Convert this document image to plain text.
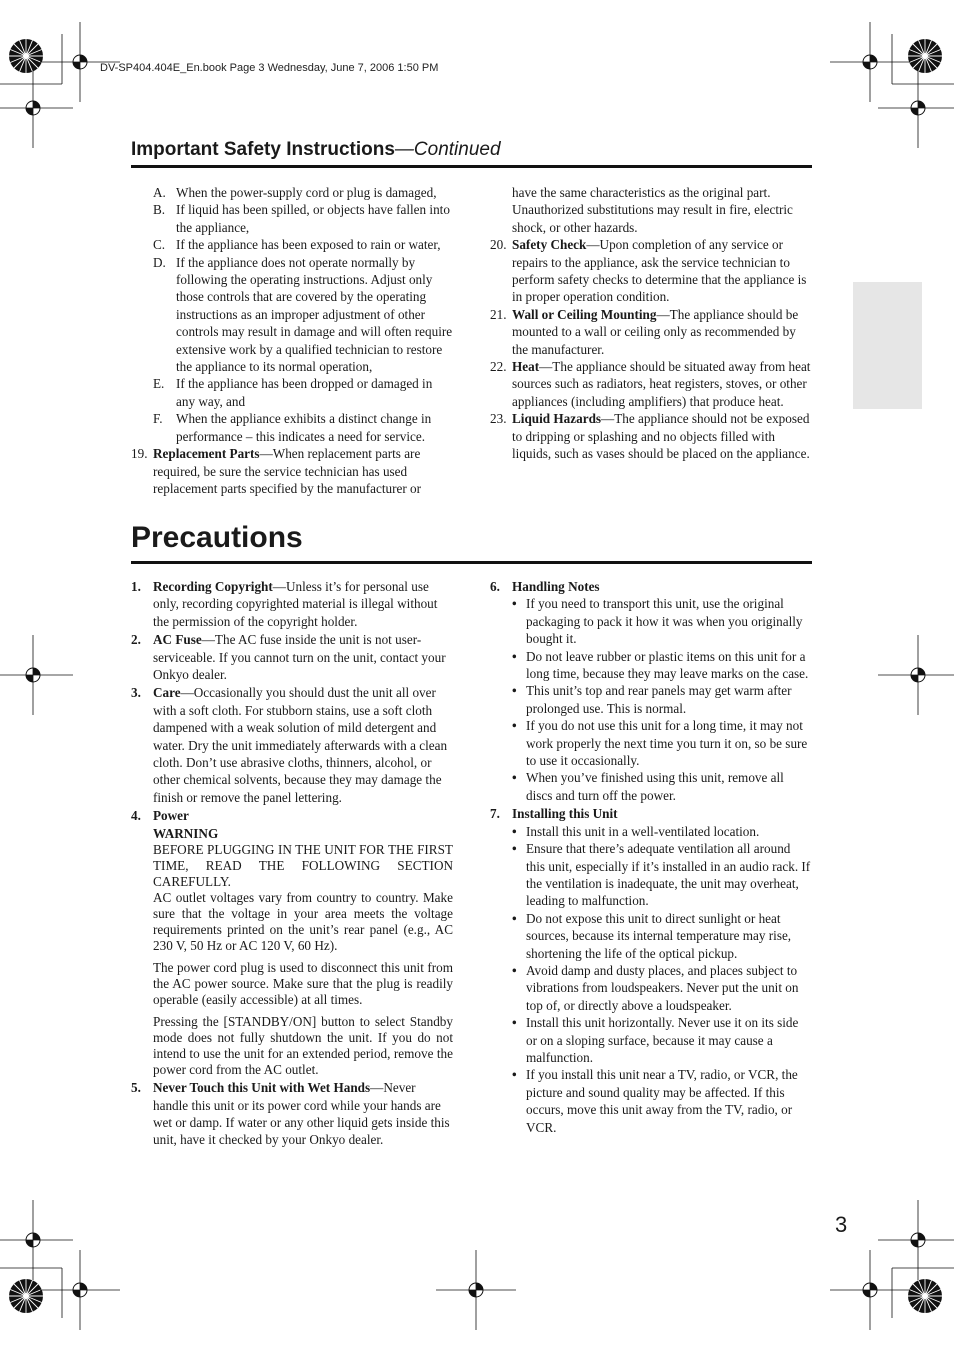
DV-SP404.404E_En.book Page 3 Wednesday, June 7, 2006 1:50 PM
Important Safety Instructions—Continued
A. When the power-supply cord or plug is damaged,
B. If liquid has been spilled, or objects have fallen into the appliance,
C. If the appliance has been exposed to rain or water,
D. If the appliance does not operate normally by following the operating instructions. Adjust only those controls that are covered by the operating instructions as an improper adjustment of other controls may result in damage and will often require extensive work by a qualified technician to restore the appliance to its normal operation,
E. If the appliance has been dropped or damaged in any way, and
F. When the appliance exhibits a distinct change in performance – this indicates a need for service.
19. Replacement Parts—When replacement parts are required, be sure the service technician has used replacement parts specified by the manufacturer or

have the same characteristics as the original part. Unauthorized substitutions may result in fire, electric shock, or other hazards.

20. Safety Check—Upon completion of any service or repairs to the appliance, ask the service technician to perform safety checks to determine that the appliance is in proper operation condition.
21. Wall or Ceiling Mounting—The appliance should be mounted to a wall or ceiling only as recommended by the manufacturer.
22. Heat—The appliance should be situated away from heat sources such as radiators, heat registers, stoves, or other appliances (including amplifiers) that produce heat.
23. Liquid Hazards—The appliance should not be exposed to dripping or splashing and no objects filled with liquids, such as vases should be placed on the appliance.
Precautions
1. Recording Copyright—Unless it’s for personal use only, recording copyrighted material is illegal without the permission of the copyright holder.
2. AC Fuse—The AC fuse inside the unit is not user-serviceable. If you cannot turn on the unit, contact your Onkyo dealer.
3. Care—Occasionally you should dust the unit all over with a soft cloth. For stubborn stains, use a soft cloth dampened with a weak solution of mild detergent and water. Dry the unit immediately afterwards with a clean cloth. Don’t use abrasive cloths, thinners, alcohol, or other chemical solvents, because they may damage the finish or remove the panel lettering.
4. Power
WARNING

BEFORE PLUGGING IN THE UNIT FOR THE FIRST TIME, READ THE FOLLOWING SECTION CAREFULLY.

AC outlet voltages vary from country to country. Make sure that the voltage in your area meets the voltage requirements printed on the unit’s rear panel (e.g., AC 230 V, 50 Hz or AC 120 V, 60 Hz).

The power cord plug is used to disconnect this unit from the AC power source. Make sure that the plug is readily operable (easily accessible) at all times.

Pressing the [STANDBY/ON] button to select Standby mode does not fully shutdown the unit. If you do not intend to use the unit for an extended period, remove the power cord from the AC outlet.

5. Never Touch this Unit with Wet Hands—Never handle this unit or its power cord while your hands are wet or damp. If water or any other liquid gets inside this unit, have it checked by your Onkyo dealer.
6. Handling Notes
• If you need to transport this unit, use the original packaging to pack it how it was when you originally bought it.
• Do not leave rubber or plastic items on this unit for a long time, because they may leave marks on the case.
• This unit’s top and rear panels may get warm after prolonged use. This is normal.
• If you do not use this unit for a long time, it may not work properly the next time you turn it on, so be sure to use it occasionally.
• When you’ve finished using this unit, remove all discs and turn off the power.
7. Installing this Unit
• Install this unit in a well-ventilated location.
• Ensure that there’s adequate ventilation all around this unit, especially if it’s installed in an audio rack. If the ventilation is inadequate, the unit may overheat, leading to malfunction.
• Do not expose this unit to direct sunlight or heat sources, because its internal temperature may rise, shortening the life of the optical pickup.
• Avoid damp and dusty places, and places subject to vibrations from loudspeakers. Never put the unit on top of, or directly above a loudspeaker.
• Install this unit horizontally. Never use it on its side or on a sloping surface, because it may cause a malfunction.
• If you install this unit near a TV, radio, or VCR, the picture and sound quality may be affected. If this occurs, move this unit away from the TV, radio, or VCR.
3
